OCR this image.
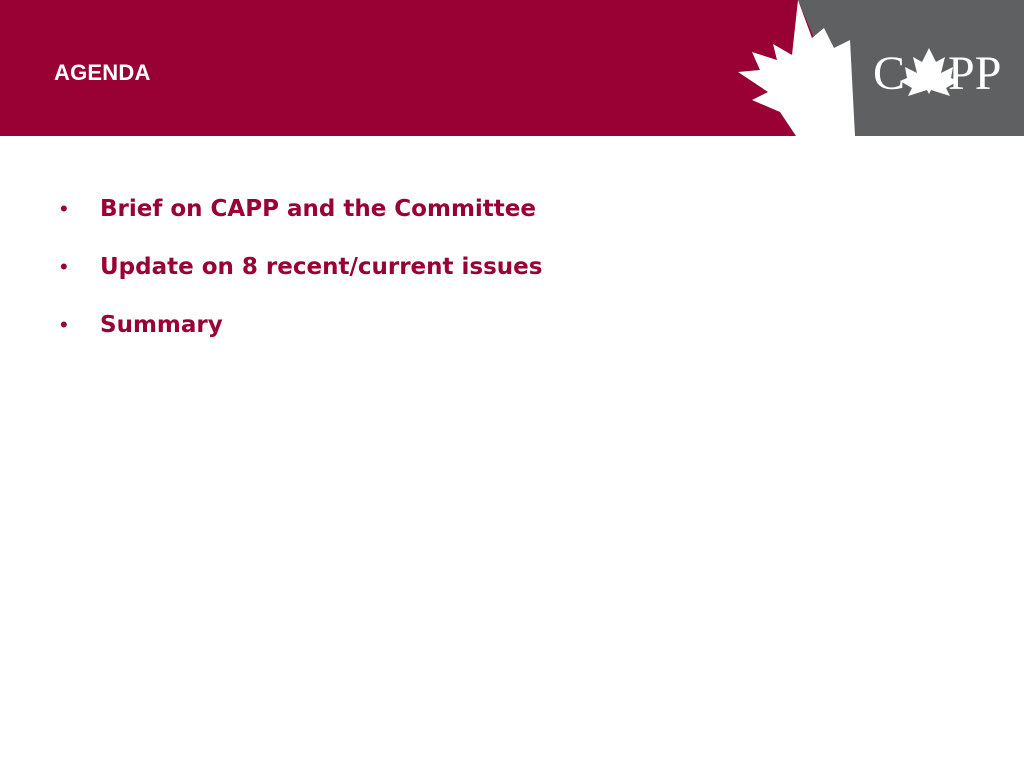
C PP
AGENDA
•	Brief on CAPP and the Committee
•	Update on 8 recent/current issues
•	Summary
